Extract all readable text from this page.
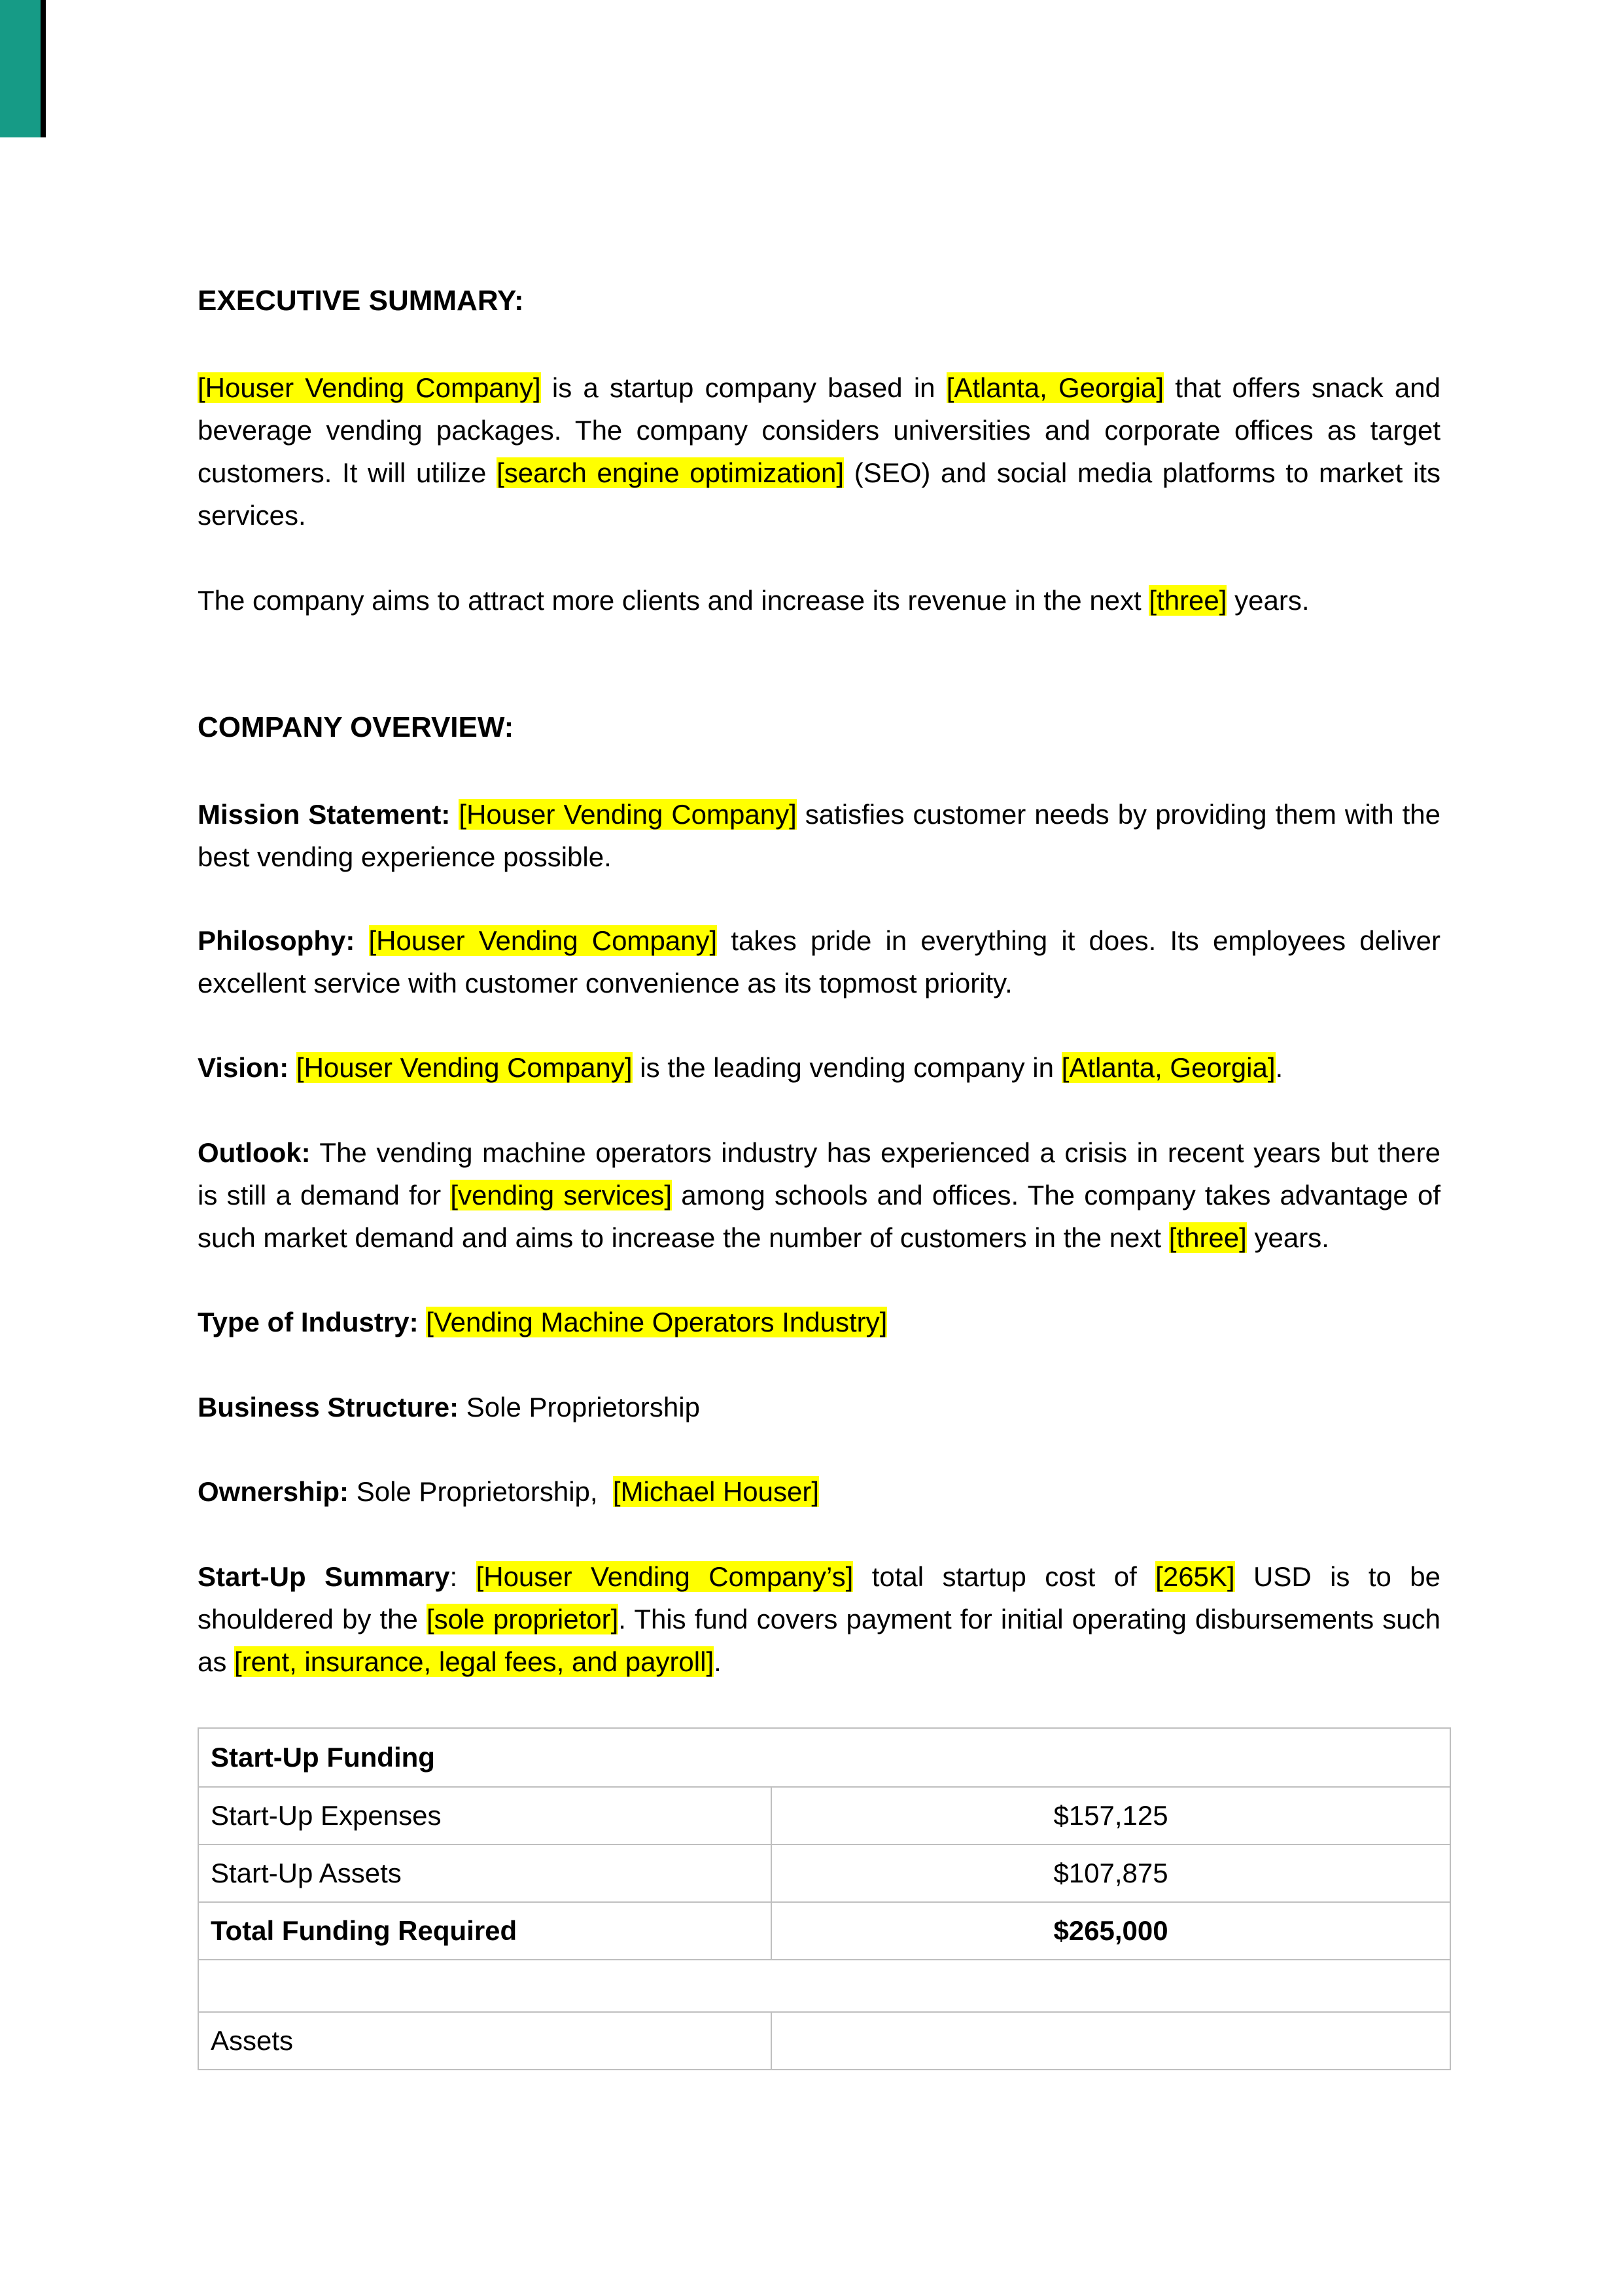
EXECUTIVE SUMMARY:

[Houser Vending Company] is a startup company based in [Atlanta, Georgia] that offers snack and beverage vending packages. The company considers universities and corporate offices as target customers. It will utilize [search engine optimization] (SEO) and social media platforms to market its services.

The company aims to attract more clients and increase its revenue in the next [three] years.

COMPANY OVERVIEW:

Mission Statement: [Houser Vending Company] satisfies customer needs by providing them with the best vending experience possible.

Philosophy: [Houser Vending Company] takes pride in everything it does. Its employees deliver excellent service with customer convenience as its topmost priority.

Vision: [Houser Vending Company] is the leading vending company in [Atlanta, Georgia].

Outlook: The vending machine operators industry has experienced a crisis in recent years but there is still a demand for [vending services] among schools and offices. The company takes advantage of such market demand and aims to increase the number of customers in the next [three] years.

Type of Industry: [Vending Machine Operators Industry]

Business Structure: Sole Proprietorship

Ownership: Sole Proprietorship,  [Michael Houser]

Start-Up Summary: [Houser Vending Company’s] total startup cost of [265K] USD is to be shouldered by the [sole proprietor]. This fund covers payment for initial operating disbursements such as [rent, insurance, legal fees, and payroll].

Start-Up Funding	
Start-Up Expenses	$157,125
Start-Up Assets	$107,875
Total Funding Required	$265,000

Assets	
